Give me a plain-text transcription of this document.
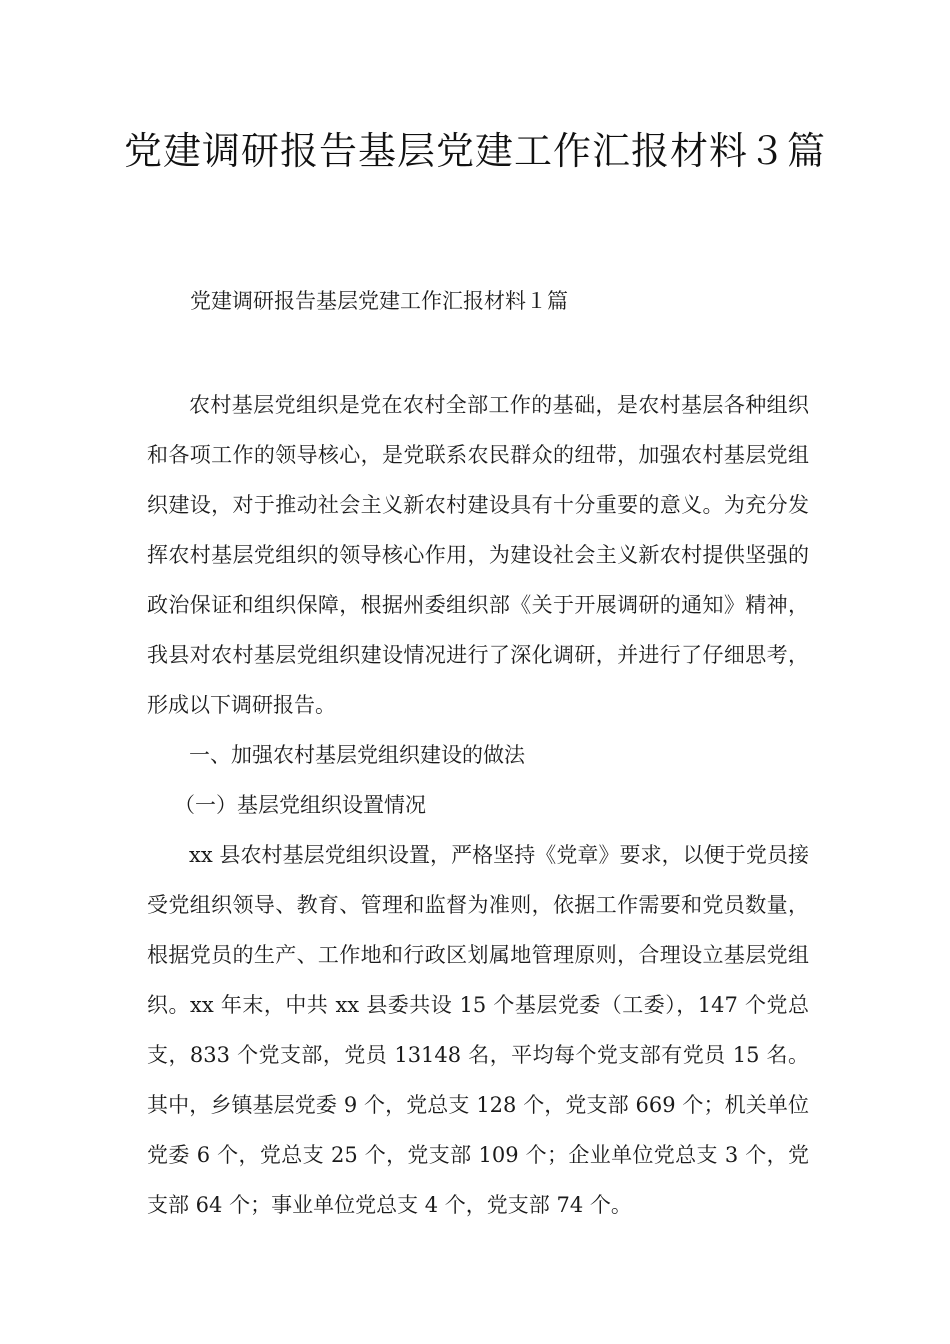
党建调研报告基层党建工作汇报材料３篇

党建调研报告基层党建工作汇报材料１篇

农村基层党组织是党在农村全部工作的基础，是农村基层各种组织和各项工作的领导核心，是党联系农民群众的纽带，加强农村基层党组织建设，对于推动社会主义新农村建设具有十分重要的意义。为充分发挥农村基层党组织的领导核心作用，为建设社会主义新农村提供坚强的政治保证和组织保障，根据州委组织部《关于开展调研的通知》精神，我县对农村基层党组织建设情况进行了深化调研，并进行了仔细思考，形成以下调研报告。

一、加强农村基层党组织建设的做法

（一）基层党组织设置情况

xx 县农村基层党组织设置，严格坚持《党章》要求，以便于党员接受党组织领导、教育、管理和监督为准则，依据工作需要和党员数量，根据党员的生产、工作地和行政区划属地管理原则，合理设立基层党组织。xx 年末，中共 xx 县委共设 15 个基层党委（工委），147 个党总支，833 个党支部，党员 13148 名，平均每个党支部有党员 15 名。其中，乡镇基层党委 9 个，党总支 128 个，党支部 669 个；机关单位党委 6 个，党总支 25 个，党支部 109 个；企业单位党总支 3 个，党支部 64 个；事业单位党总支 4 个，党支部 74 个。
